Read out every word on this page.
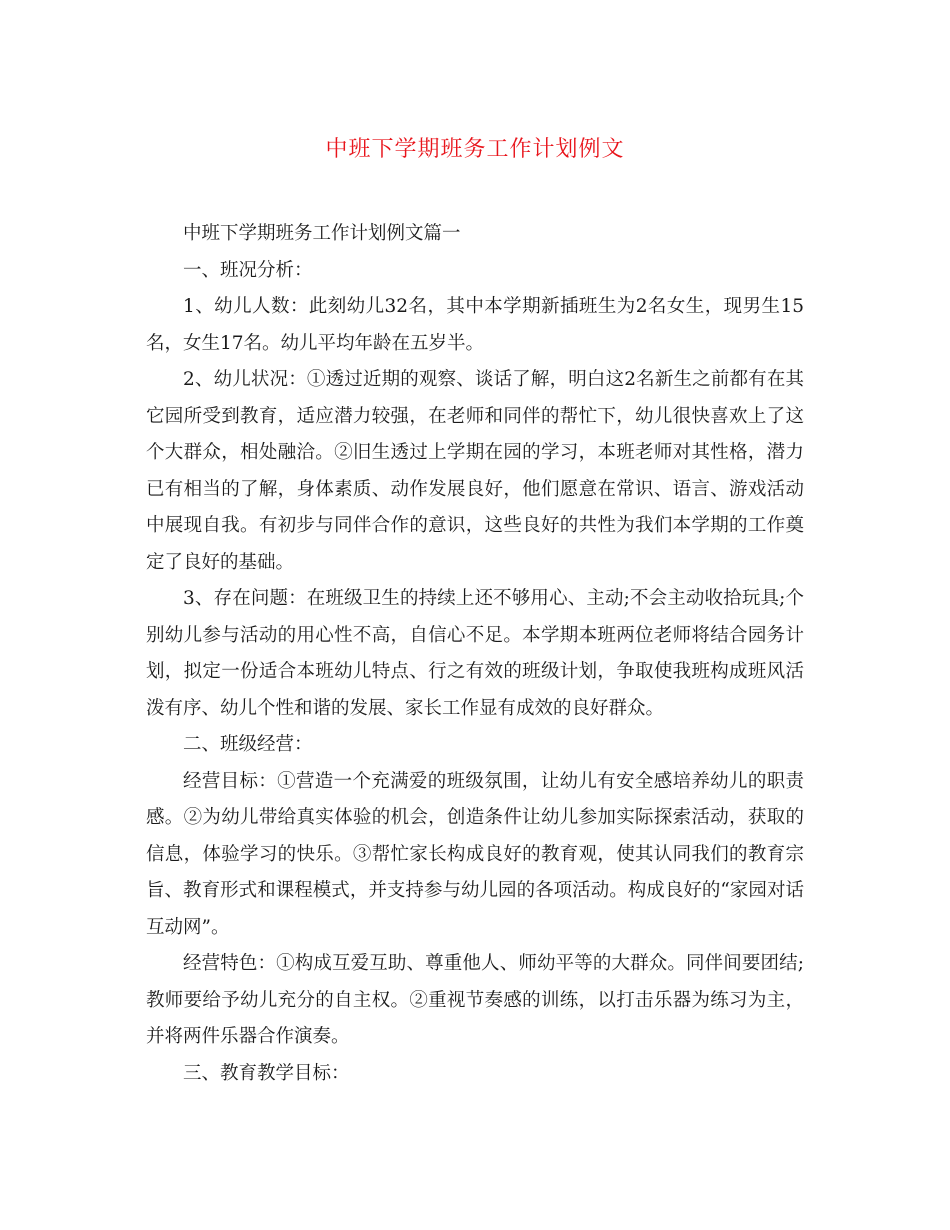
中班下学期班务工作计划例文

中班下学期班务工作计划例文篇一

一、班况分析：

1、幼儿人数：此刻幼儿32名，其中本学期新插班生为2名女生，现男生15名，女生17名。幼儿平均年龄在五岁半。

2、幼儿状况：①透过近期的观察、谈话了解，明白这2名新生之前都有在其它园所受到教育，适应潜力较强，在老师和同伴的帮忙下，幼儿很快喜欢上了这个大群众，相处融洽。②旧生透过上学期在园的学习，本班老师对其性格，潜力已有相当的了解，身体素质、动作发展良好，他们愿意在常识、语言、游戏活动中展现自我。有初步与同伴合作的意识，这些良好的共性为我们本学期的工作奠定了良好的基础。

3、存在问题：在班级卫生的持续上还不够用心、主动;不会主动收拾玩具;个别幼儿参与活动的用心性不高，自信心不足。本学期本班两位老师将结合园务计划，拟定一份适合本班幼儿特点、行之有效的班级计划，争取使我班构成班风活泼有序、幼儿个性和谐的发展、家长工作显有成效的良好群众。

二、班级经营：

经营目标：①营造一个充满爱的班级氛围，让幼儿有安全感培养幼儿的职责感。②为幼儿带给真实体验的机会，创造条件让幼儿参加实际探索活动，获取的信息，体验学习的快乐。③帮忙家长构成良好的教育观，使其认同我们的教育宗旨、教育形式和课程模式，并支持参与幼儿园的各项活动。构成良好的“家园对话互动网”。

经营特色：①构成互爱互助、尊重他人、师幼平等的大群众。同伴间要团结;教师要给予幼儿充分的自主权。②重视节奏感的训练，以打击乐器为练习为主，并将两件乐器合作演奏。

三、教育教学目标：
